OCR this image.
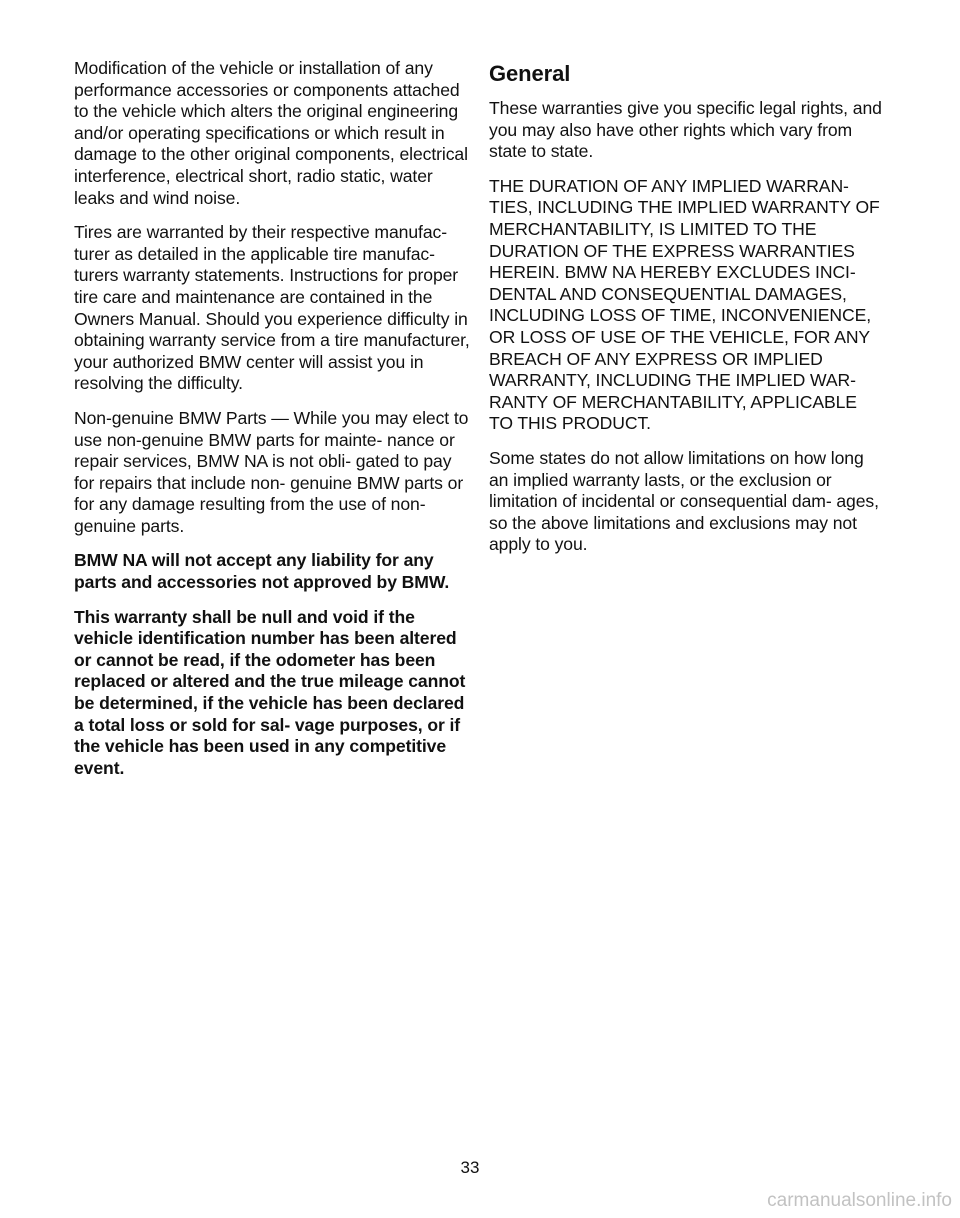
Modification of the vehicle or installation of any performance accessories or components attached to the vehicle which alters the original engineering and/or operating specifications or which result in damage to the other original components, electrical interference, electrical short, radio static, water leaks and wind noise.

Tires are warranted by their respective manufac- turer as detailed in the applicable tire manufac- turers warranty statements. Instructions for proper tire care and maintenance are contained in the Owners Manual. Should you experience difficulty in obtaining warranty service from a tire manufacturer, your authorized BMW center will assist you in resolving the difficulty.

Non-genuine BMW Parts — While you may elect to use non-genuine BMW parts for mainte- nance or repair services, BMW NA is not obli- gated to pay for repairs that include non- genuine BMW parts or for any damage resulting from the use of non-genuine parts.

BMW NA will not accept any liability for any parts and accessories not approved by BMW.

This warranty shall be null and void if the vehicle identification number has been altered or cannot be read, if the odometer has been replaced or altered and the true mileage cannot be determined, if the vehicle has been declared a total loss or sold for sal- vage purposes, or if the vehicle has been used in any competitive event.

General

These warranties give you specific legal rights, and you may also have other rights which vary from state to state.

THE DURATION OF ANY IMPLIED WARRAN- TIES, INCLUDING THE IMPLIED WARRANTY OF MERCHANTABILITY, IS LIMITED TO THE DURATION OF THE EXPRESS WARRANTIES HEREIN. BMW NA HEREBY EXCLUDES INCI- DENTAL AND CONSEQUENTIAL DAMAGES, INCLUDING LOSS OF TIME, INCONVENIENCE, OR LOSS OF USE OF THE VEHICLE, FOR ANY BREACH OF ANY EXPRESS OR IMPLIED WARRANTY, INCLUDING THE IMPLIED WAR- RANTY OF MERCHANTABILITY, APPLICABLE TO THIS PRODUCT.

Some states do not allow limitations on how long an implied warranty lasts, or the exclusion or limitation of incidental or consequential dam- ages, so the above limitations and exclusions may not apply to you.

33
carmanualsonline.info
